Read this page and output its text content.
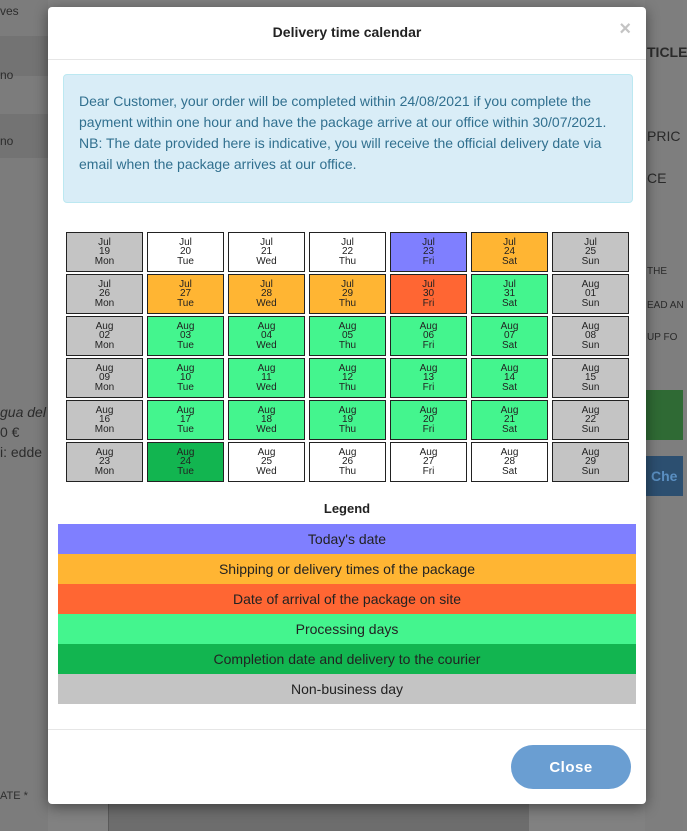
ves
no
no
gua del
0 €
i: edde
ATE *
TICLE
PRIC
CE
THE
EAD AN
UP FO
Che
Delivery time calendar	×

Dear Customer, your order will be completed within 24/08/2021 if you complete the payment within one hour and have the package arrive at our office within 30/07/2021.

NB: The date provided here is indicative, you will receive the official delivery date via email when the package arrives at our office.

Jul
19
Mon
Jul
20
Tue
Jul
21
Wed
Jul
22
Thu
Jul
23
Fri
Jul
24
Sat
Jul
25
Sun
Jul
26
Mon
Jul
27
Tue
Jul
28
Wed
Jul
29
Thu
Jul
30
Fri
Jul
31
Sat
Aug
01
Sun
Aug
02
Mon
Aug
03
Tue
Aug
04
Wed
Aug
05
Thu
Aug
06
Fri
Aug
07
Sat
Aug
08
Sun
Aug
09
Mon
Aug
10
Tue
Aug
11
Wed
Aug
12
Thu
Aug
13
Fri
Aug
14
Sat
Aug
15
Sun
Aug
16
Mon
Aug
17
Tue
Aug
18
Wed
Aug
19
Thu
Aug
20
Fri
Aug
21
Sat
Aug
22
Sun
Aug
23
Mon
Aug
24
Tue
Aug
25
Wed
Aug
26
Thu
Aug
27
Fri
Aug
28
Sat
Aug
29
Sun
Legend
Today's date
Shipping or delivery times of the package
Date of arrival of the package on site
Processing days
Completion date and delivery to the courier
Non-business day
Close
